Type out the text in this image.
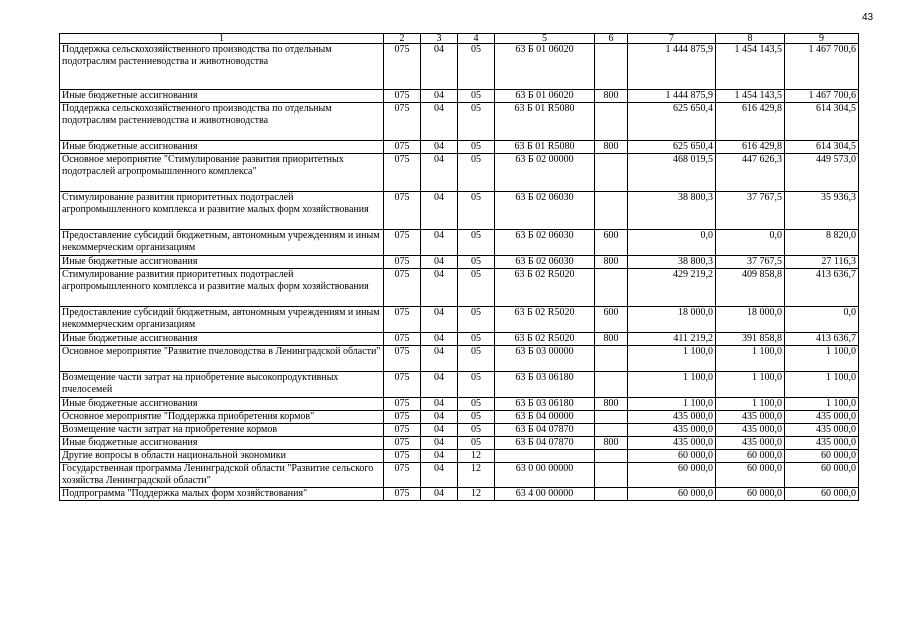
43
1	2	3	4	5	6	7	8	9
Поддержка сельскохозяйственного производства по отдельным подотраслям растениеводства и животноводства	075	04	05	63 Б 01 06020		1 444 875,9	1 454 143,5	1 467 700,6
Иные бюджетные ассигнования	075	04	05	63 Б 01 06020	800	1 444 875,9	1 454 143,5	1 467 700,6
Поддержка сельскохозяйственного производства по отдельным подотраслям растениеводства и животноводства	075	04	05	63 Б 01 R5080		625 650,4	616 429,8	614 304,5
Иные бюджетные ассигнования	075	04	05	63 Б 01 R5080	800	625 650,4	616 429,8	614 304,5
Основное мероприятие "Стимулирование развития приоритетных подотраслей агропромышленного комплекса"	075	04	05	63 Б 02 00000		468 019,5	447 626,3	449 573,0
Стимулирование развития приоритетных подотраслей агропромышленного комплекса и развитие малых форм хозяйствования	075	04	05	63 Б 02 06030		38 800,3	37 767,5	35 936,3
Предоставление субсидий бюджетным, автономным учреждениям и иным некоммерческим организациям	075	04	05	63 Б 02 06030	600	0,0	0,0	8 820,0
Иные бюджетные ассигнования	075	04	05	63 Б 02 06030	800	38 800,3	37 767,5	27 116,3
Стимулирование развития приоритетных подотраслей агропромышленного комплекса и развитие малых форм хозяйствования	075	04	05	63 Б 02 R5020		429 219,2	409 858,8	413 636,7
Предоставление субсидий бюджетным, автономным учреждениям и иным некоммерческим организациям	075	04	05	63 Б 02 R5020	600	18 000,0	18 000,0	0,0
Иные бюджетные ассигнования	075	04	05	63 Б 02 R5020	800	411 219,2	391 858,8	413 636,7
Основное мероприятие "Развитие пчеловодства в Ленинградской области"	075	04	05	63 Б 03 00000		1 100,0	1 100,0	1 100,0
Возмещение части затрат на приобретение высокопродуктивных пчелосемей	075	04	05	63 Б 03 06180		1 100,0	1 100,0	1 100,0
Иные бюджетные ассигнования	075	04	05	63 Б 03 06180	800	1 100,0	1 100,0	1 100,0
Основное мероприятие "Поддержка приобретения кормов"	075	04	05	63 Б 04 00000		435 000,0	435 000,0	435 000,0
Возмещение части затрат на приобретение кормов	075	04	05	63 Б 04 07870		435 000,0	435 000,0	435 000,0
Иные бюджетные ассигнования	075	04	05	63 Б 04 07870	800	435 000,0	435 000,0	435 000,0
Другие вопросы в области национальной экономики	075	04	12			60 000,0	60 000,0	60 000,0
Государственная программа Ленинградской области "Развитие сельского хозяйства Ленинградской области"	075	04	12	63 0 00 00000		60 000,0	60 000,0	60 000,0
Подпрограмма "Поддержка малых форм хозяйствования"	075	04	12	63 4 00 00000		60 000,0	60 000,0	60 000,0
